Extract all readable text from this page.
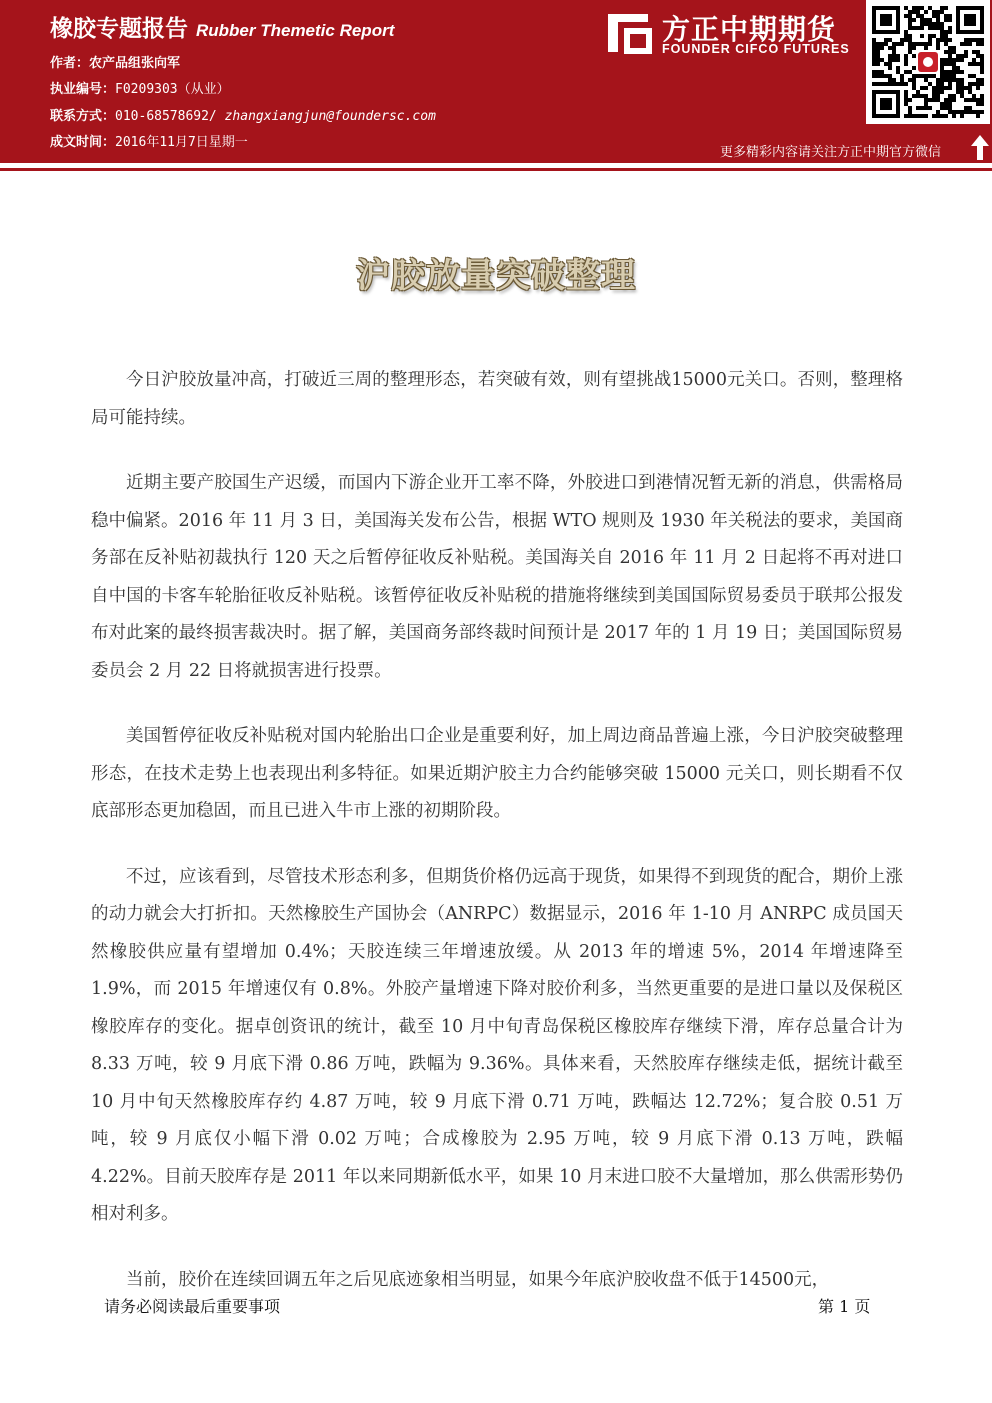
橡胶专题报告 Rubber Themetic Report
作者：农产品组张向军
执业编号：F0209303（从业）
联系方式：010-68578692/ zhangxiangjun@foundersc.com
成文时间：2016年11月7日星期一
方正中期期货
FOUNDER CIFCO FUTURES
更多精彩内容请关注方正中期官方微信
沪胶放量突破整理

今日沪胶放量冲高，打破近三周的整理形态，若突破有效，则有望挑战15000元关口。否则，整理格局可能持续。

近期主要产胶国生产迟缓，而国内下游企业开工率不降，外胶进口到港情况暂无新的消息，供需格局稳中偏紧。2016 年 11 月 3 日，美国海关发布公告，根据 WTO 规则及 1930 年关税法的要求，美国商务部在反补贴初裁执行 120 天之后暂停征收反补贴税。美国海关自 2016 年 11 月 2 日起将不再对进口自中国的卡客车轮胎征收反补贴税。该暂停征收反补贴税的措施将继续到美国国际贸易委员于联邦公报发布对此案的最终损害裁决时。据了解，美国商务部终裁时间预计是 2017 年的 1 月 19 日；美国国际贸易委员会 2 月 22 日将就损害进行投票。

美国暂停征收反补贴税对国内轮胎出口企业是重要利好，加上周边商品普遍上涨，今日沪胶突破整理形态，在技术走势上也表现出利多特征。如果近期沪胶主力合约能够突破 15000 元关口，则长期看不仅底部形态更加稳固，而且已进入牛市上涨的初期阶段。

不过，应该看到，尽管技术形态利多，但期货价格仍远高于现货，如果得不到现货的配合，期价上涨的动力就会大打折扣。天然橡胶生产国协会（ANRPC）数据显示，2016 年 1-10 月 ANRPC 成员国天然橡胶供应量有望增加 0.4%；天胶连续三年增速放缓。从 2013 年的增速 5%，2014 年增速降至 1.9%，而 2015 年增速仅有 0.8%。外胶产量增速下降对胶价利多，当然更重要的是进口量以及保税区橡胶库存的变化。据卓创资讯的统计，截至 10 月中旬青岛保税区橡胶库存继续下滑，库存总量合计为 8.33 万吨，较 9 月底下滑 0.86 万吨，跌幅为 9.36%。具体来看，天然胶库存继续走低，据统计截至 10 月中旬天然橡胶库存约 4.87 万吨，较 9 月底下滑 0.71 万吨，跌幅达 12.72%；复合胶 0.51 万吨，较 9 月底仅小幅下滑 0.02 万吨；合成橡胶为 2.95 万吨，较 9 月底下滑 0.13 万吨，跌幅 4.22%。目前天胶库存是 2011 年以来同期新低水平，如果 10 月末进口胶不大量增加，那么供需形势仍相对利多。

当前，胶价在连续回调五年之后见底迹象相当明显，如果今年底沪胶收盘不低于14500元，

请务必阅读最后重要事项	第 1 页
